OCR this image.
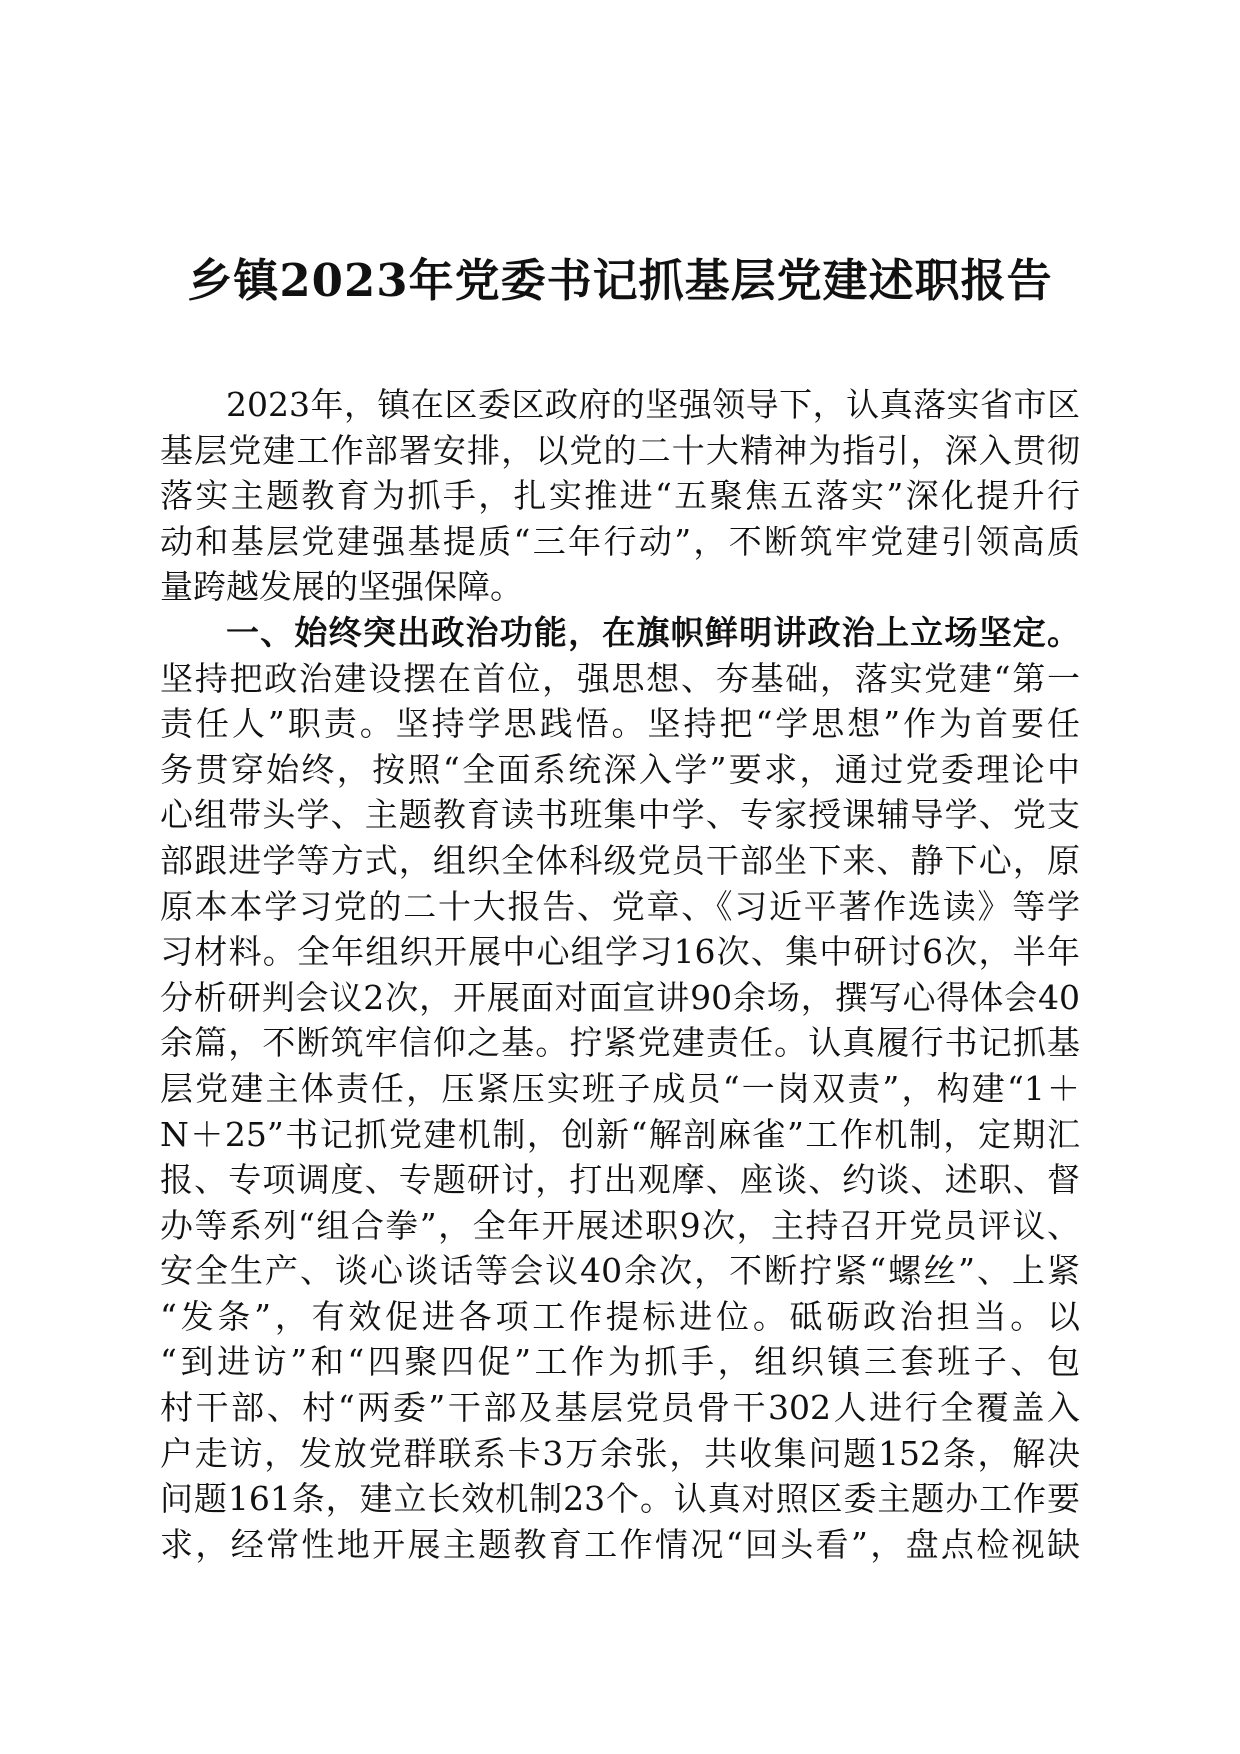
乡镇2023年党委书记抓基层党建述职报告
2023年，镇在区委区政府的坚强领导下，认真落实省市区
基层党建工作部署安排，以党的二十大精神为指引，深入贯彻
落实主题教育为抓手，扎实推进“五聚焦五落实”深化提升行
动和基层党建强基提质“三年行动”，不断筑牢党建引领高质
量跨越发展的坚强保障。
一、始终突出政治功能，在旗帜鲜明讲政治上立场坚定。
坚持把政治建设摆在首位，强思想、夯基础，落实党建“第一
责任人”职责。坚持学思践悟。坚持把“学思想”作为首要任
务贯穿始终，按照“全面系统深入学”要求，通过党委理论中
心组带头学、主题教育读书班集中学、专家授课辅导学、党支
部跟进学等方式，组织全体科级党员干部坐下来、静下心，原
原本本学习党的二十大报告、党章、《习近平著作选读》等学
习材料。全年组织开展中心组学习16次、集中研讨6次，半年
分析研判会议2次，开展面对面宣讲90余场，撰写心得体会40
余篇，不断筑牢信仰之基。拧紧党建责任。认真履行书记抓基
层党建主体责任，压紧压实班子成员“一岗双责”，构建“1＋
N＋25”书记抓党建机制，创新“解剖麻雀”工作机制，定期汇
报、专项调度、专题研讨，打出观摩、座谈、约谈、述职、督
办等系列“组合拳”，全年开展述职9次，主持召开党员评议、
安全生产、谈心谈话等会议40余次，不断拧紧“螺丝”、上紧
“发条”，有效促进各项工作提标进位。砥砺政治担当。以
“到进访”和“四聚四促”工作为抓手，组织镇三套班子、包
村干部、村“两委”干部及基层党员骨干302人进行全覆盖入
户走访，发放党群联系卡3万余张，共收集问题152条，解决
问题161条，建立长效机制23个。认真对照区委主题办工作要
求，经常性地开展主题教育工作情况“回头看”，盘点检视缺
